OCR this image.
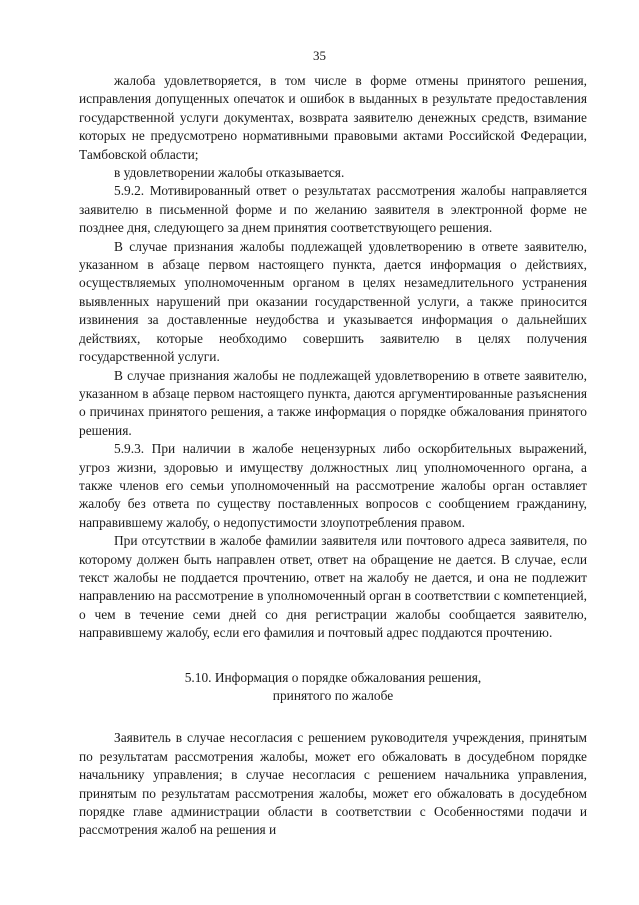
35

жалоба удовлетворяется, в том числе в форме отмены принятого решения, исправления допущенных опечаток и ошибок в выданных в результате предоставления государственной услуги документах, возврата заявителю денежных средств, взимание которых не предусмотрено нормативными правовыми актами Российской Федерации, Тамбовской области;

в удовлетворении жалобы отказывается.

5.9.2. Мотивированный ответ о результатах рассмотрения жалобы направляется заявителю в письменной форме и по желанию заявителя в электронной форме не позднее дня, следующего за днем принятия соответствующего решения.

В случае признания жалобы подлежащей удовлетворению в ответе заявителю, указанном в абзаце первом настоящего пункта, дается информация о действиях, осуществляемых уполномоченным органом в целях незамедлительного устранения выявленных нарушений при оказании государственной услуги, а также приносится извинения за доставленные неудобства и указывается информация о дальнейших действиях, которые необходимо совершить заявителю в целях получения государственной услуги.

В случае признания жалобы не подлежащей удовлетворению в ответе заявителю, указанном в абзаце первом настоящего пункта, даются аргументированные разъяснения о причинах принятого решения, а также информация о порядке обжалования принятого решения.

5.9.3. При наличии в жалобе нецензурных либо оскорбительных выражений, угроз жизни, здоровью и имуществу должностных лиц уполномоченного органа, а также членов его семьи уполномоченный на рассмотрение жалобы орган оставляет жалобу без ответа по существу поставленных вопросов с сообщением гражданину, направившему жалобу, о недопустимости злоупотребления правом.

При отсутствии в жалобе фамилии заявителя или почтового адреса заявителя, по которому должен быть направлен ответ, ответ на обращение не дается. В случае, если текст жалобы не поддается прочтению, ответ на жалобу не дается, и она не подлежит направлению на рассмотрение в уполномоченный орган в соответствии с компетенцией, о чем в течение семи дней со дня регистрации жалобы сообщается заявителю, направившему жалобу, если его фамилия и почтовый адрес поддаются прочтению.

5.10. Информация о порядке обжалования решения,
принятого по жалобе

Заявитель в случае несогласия с решением руководителя учреждения, принятым по результатам рассмотрения жалобы, может его обжаловать в досудебном порядке начальнику управления; в случае несогласия с решением начальника управления, принятым по результатам рассмотрения жалобы, может его обжаловать в досудебном порядке главе администрации области в соответствии с Особенностями подачи и рассмотрения жалоб на решения и
